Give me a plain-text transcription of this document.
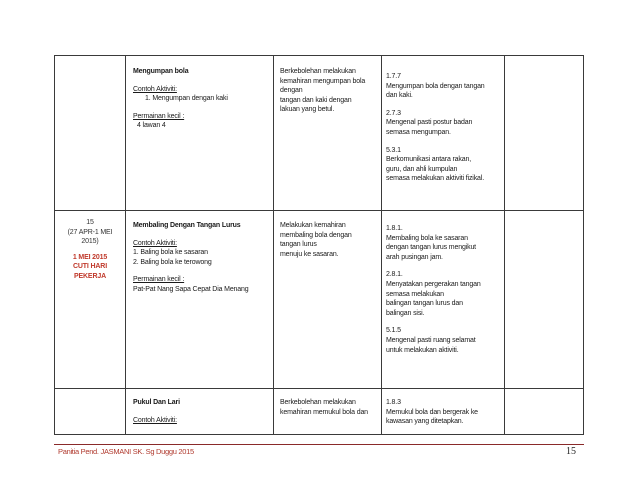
Mengumpan bola
Contoh Aktiviti:
1. Mengumpan dengan kaki
Permainan kecil :
4 lawan 4
Berkebolehan melakukan
kemahiran mengumpan bola
dengan
tangan dan kaki dengan
lakuan yang betul.
1.7.7
Mengumpan bola dengan tangan
dan kaki.
2.7.3
Mengenal pasti postur badan
semasa mengumpan.
5.3.1
Berkomunikasi antara rakan,
guru, dan ahli kumpulan
semasa melakukan aktiviti fizikal.
15
(27 APR-1 MEI
2015)
1 MEI 2015
CUTI HARI
PEKERJA
Membaling Dengan Tangan Lurus
Contoh Aktiviti:
1. Baling bola ke sasaran
2. Baling bola ke terowong
Permainan kecil :
Pat-Pat Nang Sapa Cepat Dia Menang
Melakukan kemahiran
membaling bola dengan
tangan lurus
menuju ke sasaran.
1.8.1.
Membaling bola ke sasaran
dengan tangan lurus mengikut
arah pusingan jam.
2.8.1.
Menyatakan pergerakan tangan
semasa melakukan
balingan tangan lurus dan
balingan sisi.
5.1.5
Mengenal pasti ruang selamat
untuk melakukan aktiviti.
Pukul Dan Lari
Contoh Aktiviti:
Berkebolehan melakukan
kemahiran memukul bola dan
1.8.3
Memukul bola dan bergerak ke
kawasan yang ditetapkan.
Panitia Pend. JASMANI SK. Sg Duggu 2015	15
